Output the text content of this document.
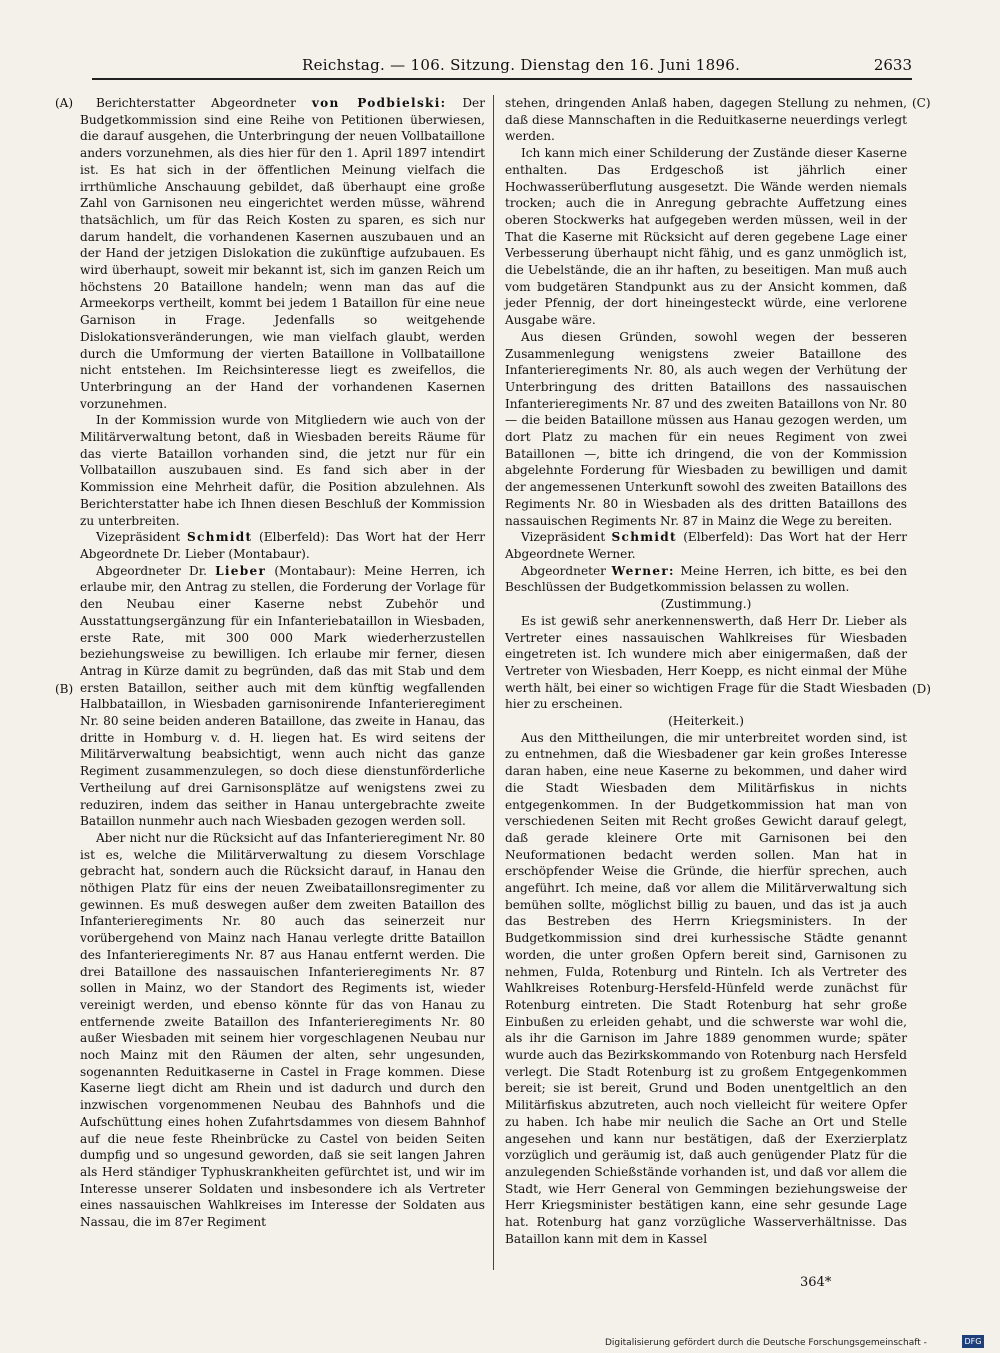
Reichstag. — 106. Sitzung. Dienstag den 16. Juni 1896.	2633
(A)
(B)
(C)
(D)

Berichterstatter Abgeordneter von Podbielski: Der Budgetkommission sind eine Reihe von Petitionen überwiesen, die darauf ausgehen, die Unterbringung der neuen Vollbataillone anders vorzunehmen, als dies hier für den 1. April 1897 intendirt ist. Es hat sich in der öffentlichen Meinung vielfach die irrthümliche Anschauung gebildet, daß überhaupt eine große Zahl von Garnisonen neu eingerichtet werden müsse, während thatsächlich, um für das Reich Kosten zu sparen, es sich nur darum handelt, die vorhandenen Kasernen auszubauen und an der Hand der jetzigen Dislokation die zukünftige aufzubauen. Es wird überhaupt, soweit mir bekannt ist, sich im ganzen Reich um höchstens 20 Bataillone handeln; wenn man das auf die Armeekorps vertheilt, kommt bei jedem 1 Bataillon für eine neue Garnison in Frage. Jedenfalls so weitgehende Dislokationsveränderungen, wie man vielfach glaubt, werden durch die Umformung der vierten Bataillone in Vollbataillone nicht entstehen. Im Reichsinteresse liegt es zweifellos, die Unterbringung an der Hand der vorhandenen Kasernen vorzunehmen.

In der Kommission wurde von Mitgliedern wie auch von der Militärverwaltung betont, daß in Wiesbaden bereits Räume für das vierte Bataillon vorhanden sind, die jetzt nur für ein Vollbataillon auszubauen sind. Es fand sich aber in der Kommission eine Mehrheit dafür, die Position abzulehnen. Als Berichterstatter habe ich Ihnen diesen Beschluß der Kommission zu unterbreiten.

Vizepräsident Schmidt (Elberfeld): Das Wort hat der Herr Abgeordnete Dr. Lieber (Montabaur).

Abgeordneter Dr. Lieber (Montabaur): Meine Herren, ich erlaube mir, den Antrag zu stellen, die Forderung der Vorlage für den Neubau einer Kaserne nebst Zubehör und Ausstattungsergänzung für ein Infanteriebataillon in Wiesbaden, erste Rate, mit 300 000 Mark wiederherzustellen beziehungsweise zu bewilligen. Ich erlaube mir ferner, diesen Antrag in Kürze damit zu begründen, daß das mit Stab und dem ersten Bataillon, seither auch mit dem künftig wegfallenden Halbbataillon, in Wiesbaden garnisonirende Infanterieregiment Nr. 80 seine beiden anderen Bataillone, das zweite in Hanau, das dritte in Homburg v. d. H. liegen hat. Es wird seitens der Militärverwaltung beabsichtigt, wenn auch nicht das ganze Regiment zusammenzulegen, so doch diese dienstunförderliche Vertheilung auf drei Garnisonsplätze auf wenigstens zwei zu reduziren, indem das seither in Hanau untergebrachte zweite Bataillon nunmehr auch nach Wiesbaden gezogen werden soll.

Aber nicht nur die Rücksicht auf das Infanterieregiment Nr. 80 ist es, welche die Militärverwaltung zu diesem Vorschlage gebracht hat, sondern auch die Rücksicht darauf, in Hanau den nöthigen Platz für eins der neuen Zweibataillonsregimenter zu gewinnen. Es muß deswegen außer dem zweiten Bataillon des Infanterieregiments Nr. 80 auch das seinerzeit nur vorübergehend von Mainz nach Hanau verlegte dritte Bataillon des Infanterieregiments Nr. 87 aus Hanau entfernt werden. Die drei Bataillone des nassauischen Infanterieregiments Nr. 87 sollen in Mainz, wo der Standort des Regiments ist, wieder vereinigt werden, und ebenso könnte für das von Hanau zu entfernende zweite Bataillon des Infanterieregiments Nr. 80 außer Wiesbaden mit seinem hier vorgeschlagenen Neubau nur noch Mainz mit den Räumen der alten, sehr ungesunden, sogenannten Reduitkaserne in Castel in Frage kommen. Diese Kaserne liegt dicht am Rhein und ist dadurch und durch den inzwischen vorgenommenen Neubau des Bahnhofs und die Aufschüttung eines hohen Zufahrtsdammes von diesem Bahnhof auf die neue feste Rheinbrücke zu Castel von beiden Seiten dumpfig und so ungesund geworden, daß sie seit langen Jahren als Herd ständiger Typhuskrankheiten gefürchtet ist, und wir im Interesse unserer Soldaten und insbesondere ich als Vertreter eines nassauischen Wahlkreises im Interesse der Soldaten aus Nassau, die im 87er Regiment

stehen, dringenden Anlaß haben, dagegen Stellung zu nehmen, daß diese Mannschaften in die Reduitkaserne neuerdings verlegt werden.

Ich kann mich einer Schilderung der Zustände dieser Kaserne enthalten. Das Erdgeschoß ist jährlich einer Hochwasserüberflutung ausgesetzt. Die Wände werden niemals trocken; auch die in Anregung gebrachte Auffetzung eines oberen Stockwerks hat aufgegeben werden müssen, weil in der That die Kaserne mit Rücksicht auf deren gegebene Lage einer Verbesserung überhaupt nicht fähig, und es ganz unmöglich ist, die Uebelstände, die an ihr haften, zu beseitigen. Man muß auch vom budgetären Standpunkt aus zu der Ansicht kommen, daß jeder Pfennig, der dort hineingesteckt würde, eine verlorene Ausgabe wäre.

Aus diesen Gründen, sowohl wegen der besseren Zusammenlegung wenigstens zweier Bataillone des Infanterieregiments Nr. 80, als auch wegen der Verhütung der Unterbringung des dritten Bataillons des nassauischen Infanterieregiments Nr. 87 und des zweiten Bataillons von Nr. 80 — die beiden Bataillone müssen aus Hanau gezogen werden, um dort Platz zu machen für ein neues Regiment von zwei Bataillonen —, bitte ich dringend, die von der Kommission abgelehnte Forderung für Wiesbaden zu bewilligen und damit der angemessenen Unterkunft sowohl des zweiten Bataillons des Regiments Nr. 80 in Wiesbaden als des dritten Bataillons des nassauischen Regiments Nr. 87 in Mainz die Wege zu bereiten.

Vizepräsident Schmidt (Elberfeld): Das Wort hat der Herr Abgeordnete Werner.

Abgeordneter Werner: Meine Herren, ich bitte, es bei den Beschlüssen der Budgetkommission belassen zu wollen.

(Zustimmung.)

Es ist gewiß sehr anerkennenswerth, daß Herr Dr. Lieber als Vertreter eines nassauischen Wahlkreises für Wiesbaden eingetreten ist. Ich wundere mich aber einigermaßen, daß der Vertreter von Wiesbaden, Herr Koepp, es nicht einmal der Mühe werth hält, bei einer so wichtigen Frage für die Stadt Wiesbaden hier zu erscheinen.

(Heiterkeit.)

Aus den Mittheilungen, die mir unterbreitet worden sind, ist zu entnehmen, daß die Wiesbadener gar kein großes Interesse daran haben, eine neue Kaserne zu bekommen, und daher wird die Stadt Wiesbaden dem Militärfiskus in nichts entgegenkommen. In der Budgetkommission hat man von verschiedenen Seiten mit Recht großes Gewicht darauf gelegt, daß gerade kleinere Orte mit Garnisonen bei den Neuformationen bedacht werden sollen. Man hat in erschöpfender Weise die Gründe, die hierfür sprechen, auch angeführt. Ich meine, daß vor allem die Militärverwaltung sich bemühen sollte, möglichst billig zu bauen, und das ist ja auch das Bestreben des Herrn Kriegsministers. In der Budgetkommission sind drei kurhessische Städte genannt worden, die unter großen Opfern bereit sind, Garnisonen zu nehmen, Fulda, Rotenburg und Rinteln. Ich als Vertreter des Wahlkreises Rotenburg-Hersfeld-Hünfeld werde zunächst für Rotenburg eintreten. Die Stadt Rotenburg hat sehr große Einbußen zu erleiden gehabt, und die schwerste war wohl die, als ihr die Garnison im Jahre 1889 genommen wurde; später wurde auch das Bezirkskommando von Rotenburg nach Hersfeld verlegt. Die Stadt Rotenburg ist zu großem Entgegenkommen bereit; sie ist bereit, Grund und Boden unentgeltlich an den Militärfiskus abzutreten, auch noch vielleicht für weitere Opfer zu haben. Ich habe mir neulich die Sache an Ort und Stelle angesehen und kann nur bestätigen, daß der Exerzierplatz vorzüglich und geräumig ist, daß auch genügender Platz für die anzulegenden Schießstände vorhanden ist, und daß vor allem die Stadt, wie Herr General von Gemmingen beziehungsweise der Herr Kriegsminister bestätigen kann, eine sehr gesunde Lage hat. Rotenburg hat ganz vorzügliche Wasserverhältnisse. Das Bataillon kann mit dem in Kassel

364*
Digitalisierung gefördert durch die Deutsche Forschungsgemeinschaft -	DFG
